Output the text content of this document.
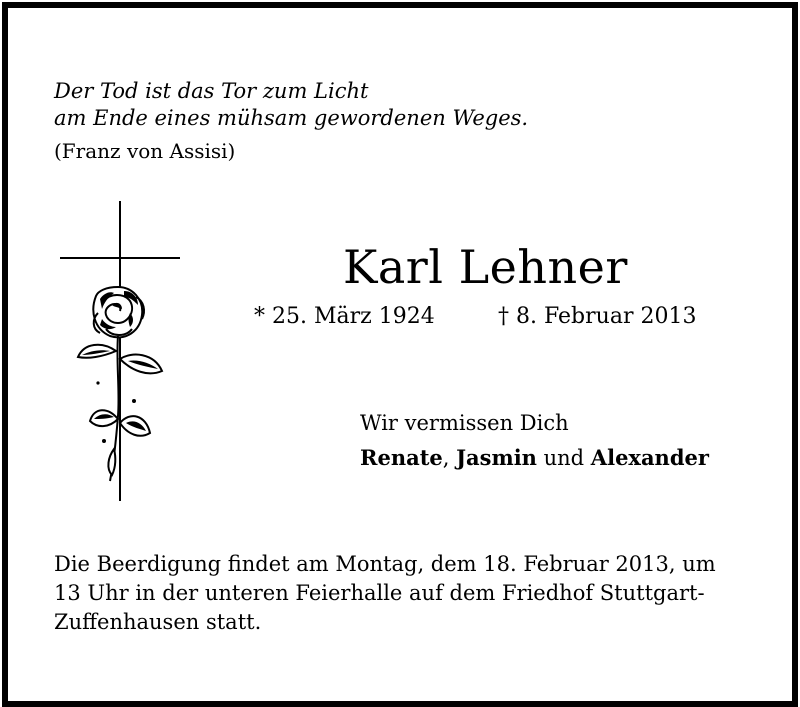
Der Tod ist das Tor zum Licht
am Ende eines mühsam gewordenen Weges.
(Franz von Assisi)
Karl Lehner
* 25. März 1924	† 8. Februar 2013
Wir vermissen Dich
Renate, Jasmin und Alexander
Die Beerdigung findet am Montag, dem 18. Februar 2013, um
13 Uhr in der unteren Feierhalle auf dem Friedhof Stuttgart-
Zuffenhausen statt.
